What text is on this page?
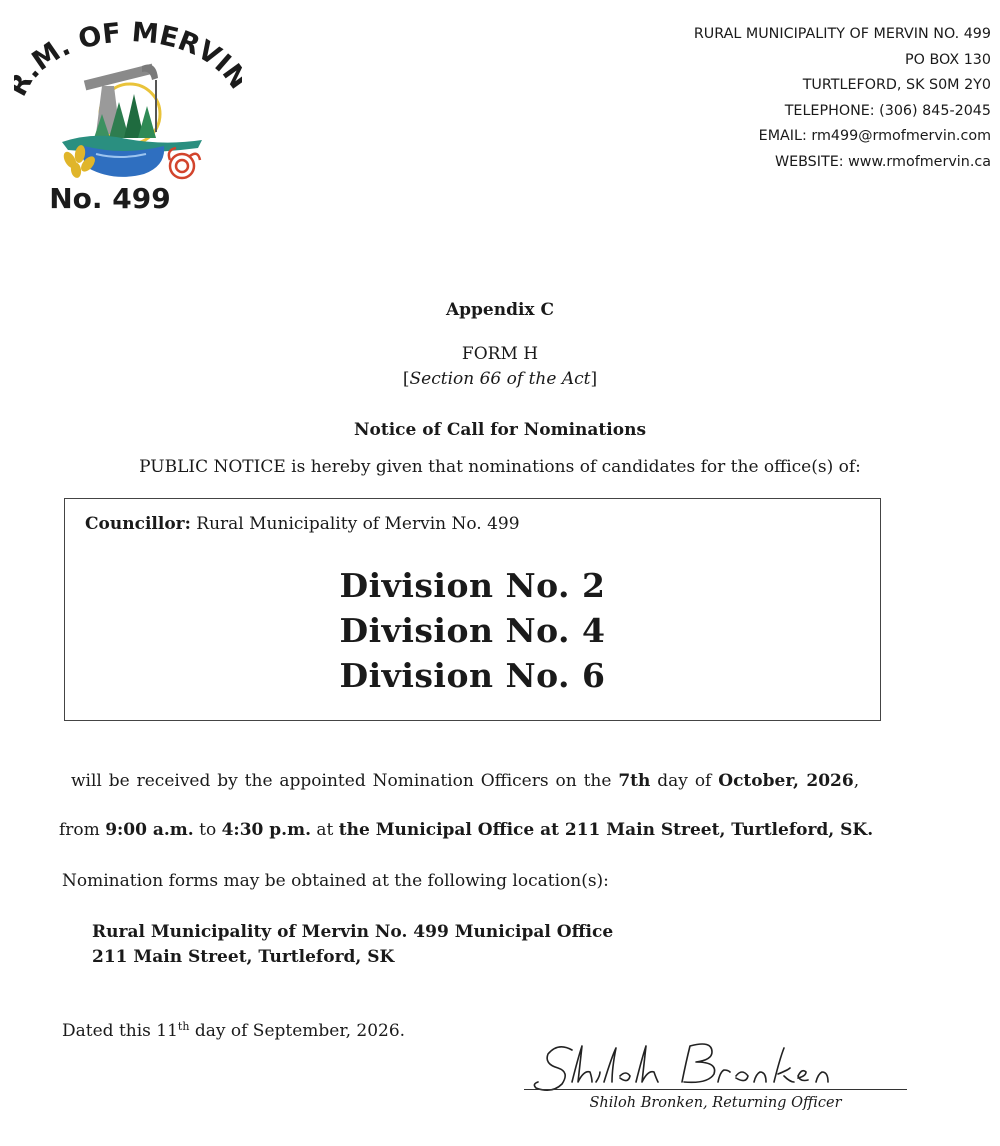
.M. OF MERVI
No. 499
RURAL MUNICIPALITY OF MERVIN NO. 499
PO BOX 130
TURTLEFORD, SK S0M 2Y0
TELEPHONE: (306) 845-2045
EMAIL: rm499@rmofmervin.com
WEBSITE: www.rmofmervin.ca
Appendix C
FORM H
[Section 66 of the Act]
Notice of Call for Nominations
PUBLIC NOTICE is hereby given that nominations of candidates for the office(s) of:
Councillor: Rural Municipality of Mervin No. 499
Division No. 2
Division No. 4
Division No. 6
will be received by the appointed Nomination Officers on the 7th day of October, 2026,
from 9:00 a.m. to 4:30 p.m. at the Municipal Office at 211 Main Street, Turtleford, SK.
Nomination forms may be obtained at the following location(s):
Rural Municipality of Mervin No. 499 Municipal Office
211 Main Street, Turtleford, SK
Dated this 11th day of September, 2026.
Shiloh Bronken, Returning Officer
